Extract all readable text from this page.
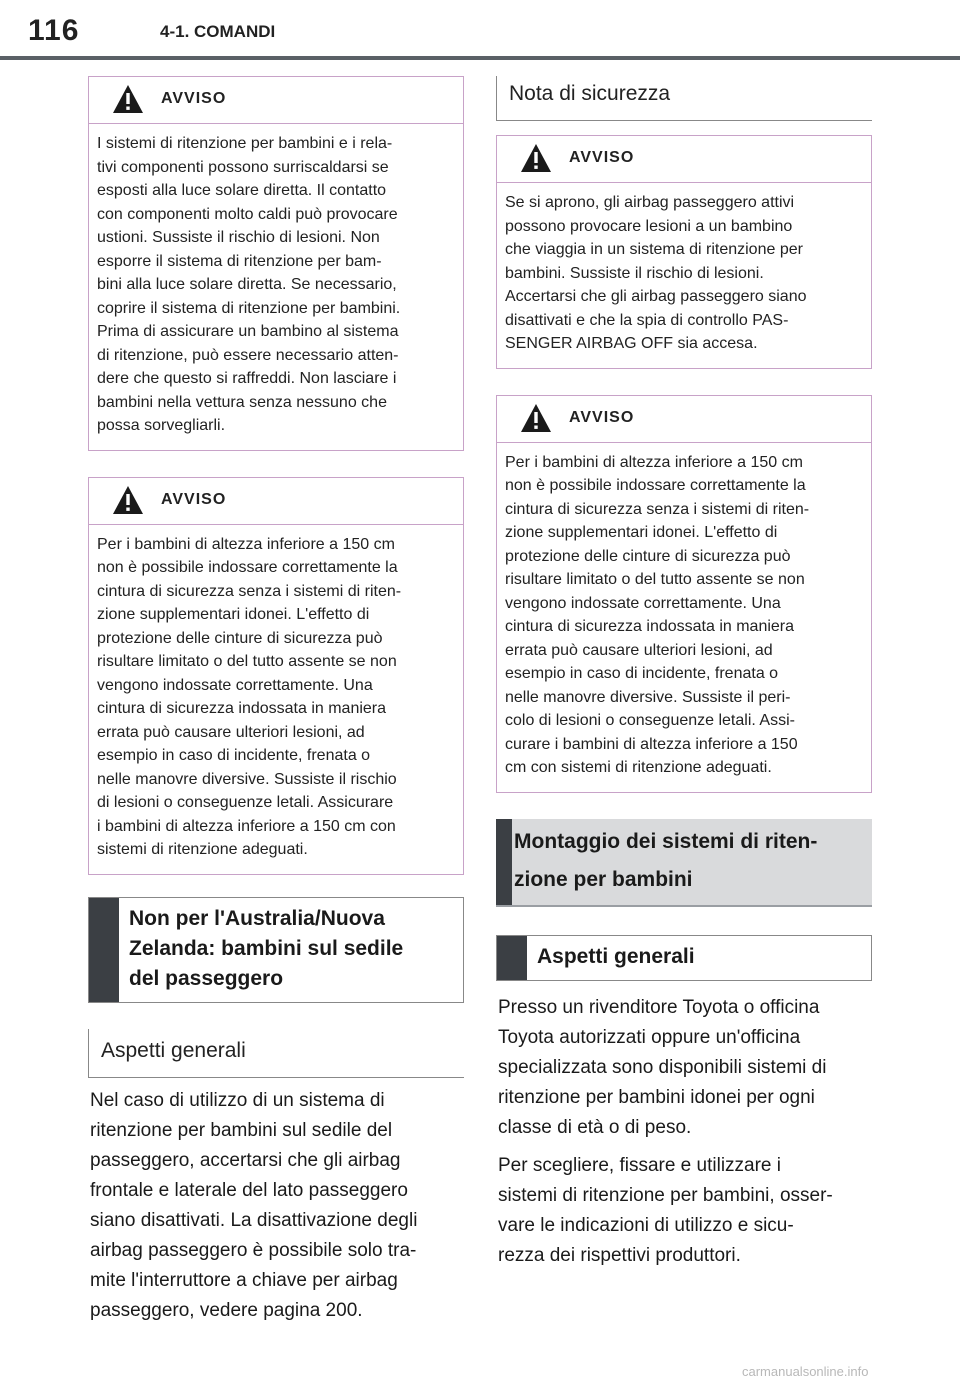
116	4-1. COMANDI
AVVISO
I sistemi di ritenzione per bambini e i rela-
tivi componenti possono surriscaldarsi se
esposti alla luce solare diretta. Il contatto
con componenti molto caldi può provocare
ustioni. Sussiste il rischio di lesioni. Non
esporre il sistema di ritenzione per bam-
bini alla luce solare diretta. Se necessario,
coprire il sistema di ritenzione per bambini.
Prima di assicurare un bambino al sistema
di ritenzione, può essere necessario atten-
dere che questo si raffreddi. Non lasciare i
bambini nella vettura senza nessuno che
possa sorvegliarli.
AVVISO
Per i bambini di altezza inferiore a 150 cm
non è possibile indossare correttamente la
cintura di sicurezza senza i sistemi di riten-
zione supplementari idonei. L'effetto di
protezione delle cinture di sicurezza può
risultare limitato o del tutto assente se non
vengono indossate correttamente. Una
cintura di sicurezza indossata in maniera
errata può causare ulteriori lesioni, ad
esempio in caso di incidente, frenata o
nelle manovre diversive. Sussiste il rischio
di lesioni o conseguenze letali. Assicurare
i bambini di altezza inferiore a 150 cm con
sistemi di ritenzione adeguati.
Non per l'Australia/Nuova
Zelanda: bambini sul sedile
del passeggero
Aspetti generali

Nel caso di utilizzo di un sistema di
ritenzione per bambini sul sedile del
passeggero, accertarsi che gli airbag
frontale e laterale del lato passeggero
siano disattivati. La disattivazione degli
airbag passeggero è possibile solo tra-
mite l'interruttore a chiave per airbag
passeggero, vedere pagina 200.

Nota di sicurezza
AVVISO
Se si aprono, gli airbag passeggero attivi
possono provocare lesioni a un bambino
che viaggia in un sistema di ritenzione per
bambini. Sussiste il rischio di lesioni.
Accertarsi che gli airbag passeggero siano
disattivati e che la spia di controllo PAS-
SENGER AIRBAG OFF sia accesa.
AVVISO
Per i bambini di altezza inferiore a 150 cm
non è possibile indossare correttamente la
cintura di sicurezza senza i sistemi di riten-
zione supplementari idonei. L'effetto di
protezione delle cinture di sicurezza può
risultare limitato o del tutto assente se non
vengono indossate correttamente. Una
cintura di sicurezza indossata in maniera
errata può causare ulteriori lesioni, ad
esempio in caso di incidente, frenata o
nelle manovre diversive. Sussiste il peri-
colo di lesioni o conseguenze letali. Assi-
curare i bambini di altezza inferiore a 150
cm con sistemi di ritenzione adeguati.
Montaggio dei sistemi di riten-
zione per bambini
Aspetti generali

Presso un rivenditore Toyota o officina
Toyota autorizzati oppure un'officina
specializzata sono disponibili sistemi di
ritenzione per bambini idonei per ogni
classe di età o di peso.

Per scegliere, fissare e utilizzare i
sistemi di ritenzione per bambini, osser-
vare le indicazioni di utilizzo e sicu-
rezza dei rispettivi produttori.

carmanualsonline.info
